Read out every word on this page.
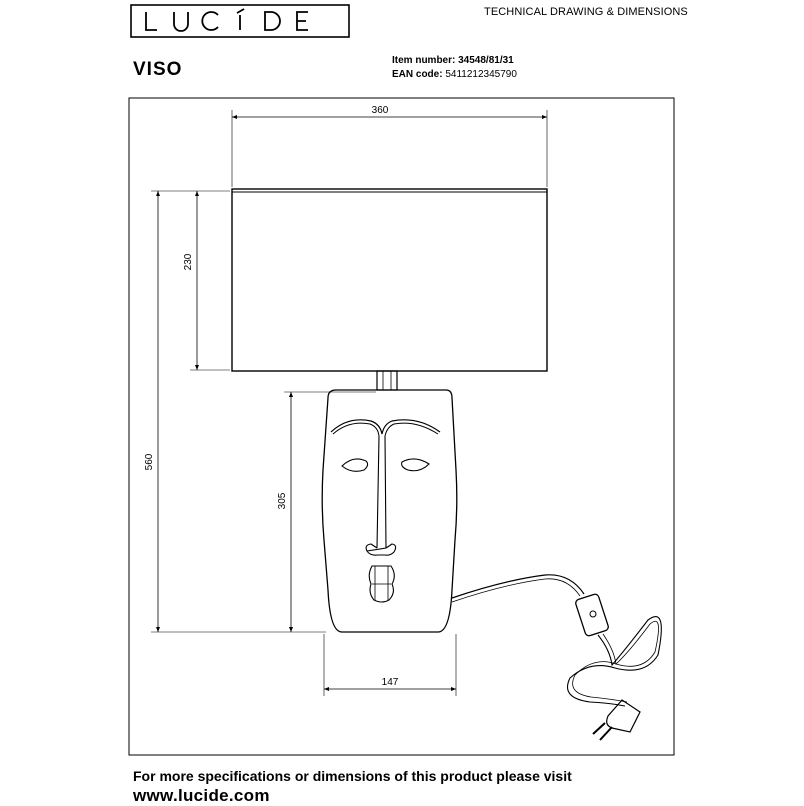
TECHNICAL DRAWING & DIMENSIONS
VISO	Item number: 34548/81/31
EAN code: 5411212345790
360
230
560
305
147
For more specifications or dimensions of this product please visit
www.lucide.com
